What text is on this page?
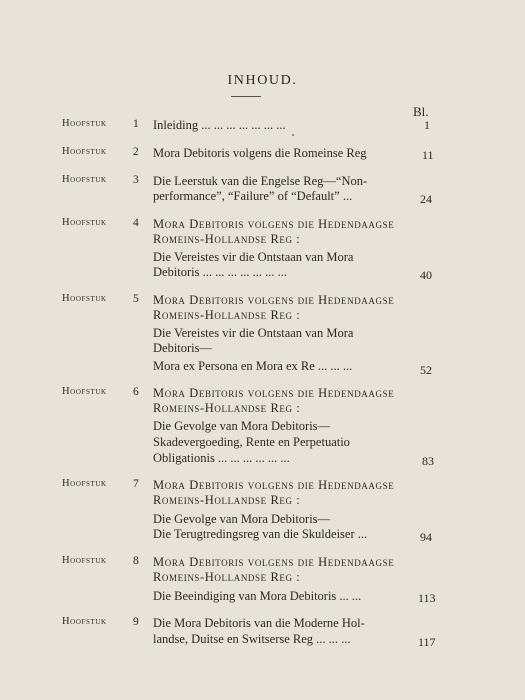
INHOUD.
Bl.
Hoofstuk 1 Inleiding ... ... ... ... ... ... ...	1
Hoofstuk 2 Mora Debitoris volgens die Romeinse Reg	11
Hoofstuk 3 Die Leerstuk van die Engelse Reg—“Non-
performance”, “Failure” of “Default” ...	24
Hoofstuk 4 Mora Debitoris volgens die Hedendaagse
Romeins-Hollandse Reg :
Die Vereistes vir die Ontstaan van Mora
Debitoris ... ... ... ... ... ... ...	40
Hoofstuk 5 Mora Debitoris volgens die Hedendaagse
Romeins-Hollandse Reg :
Die Vereistes vir die Ontstaan van Mora
Debitoris—
Mora ex Persona en Mora ex Re ... ... ...	52
Hoofstuk 6 Mora Debitoris volgens die Hedendaagse
Romeins-Hollandse Reg :
Die Gevolge van Mora Debitoris—
Skadevergoeding, Rente en Perpetuatio
Obligationis ... ... ... ... ... ...	83
Hoofstuk 7 Mora Debitoris volgens die Hedendaagse
Romeins-Hollandse Reg :
Die Gevolge van Mora Debitoris—
Die Terugtredingsreg van die Skuldeiser ...	94
Hoofstuk 8 Mora Debitoris volgens die Hedendaagse
Romeins-Hollandse Reg :
Die Beeindiging van Mora Debitoris ... ...	113
Hoofstuk 9 Die Mora Debitoris van die Moderne Hol-
landse, Duitse en Switserse Reg ... ... ...	117
